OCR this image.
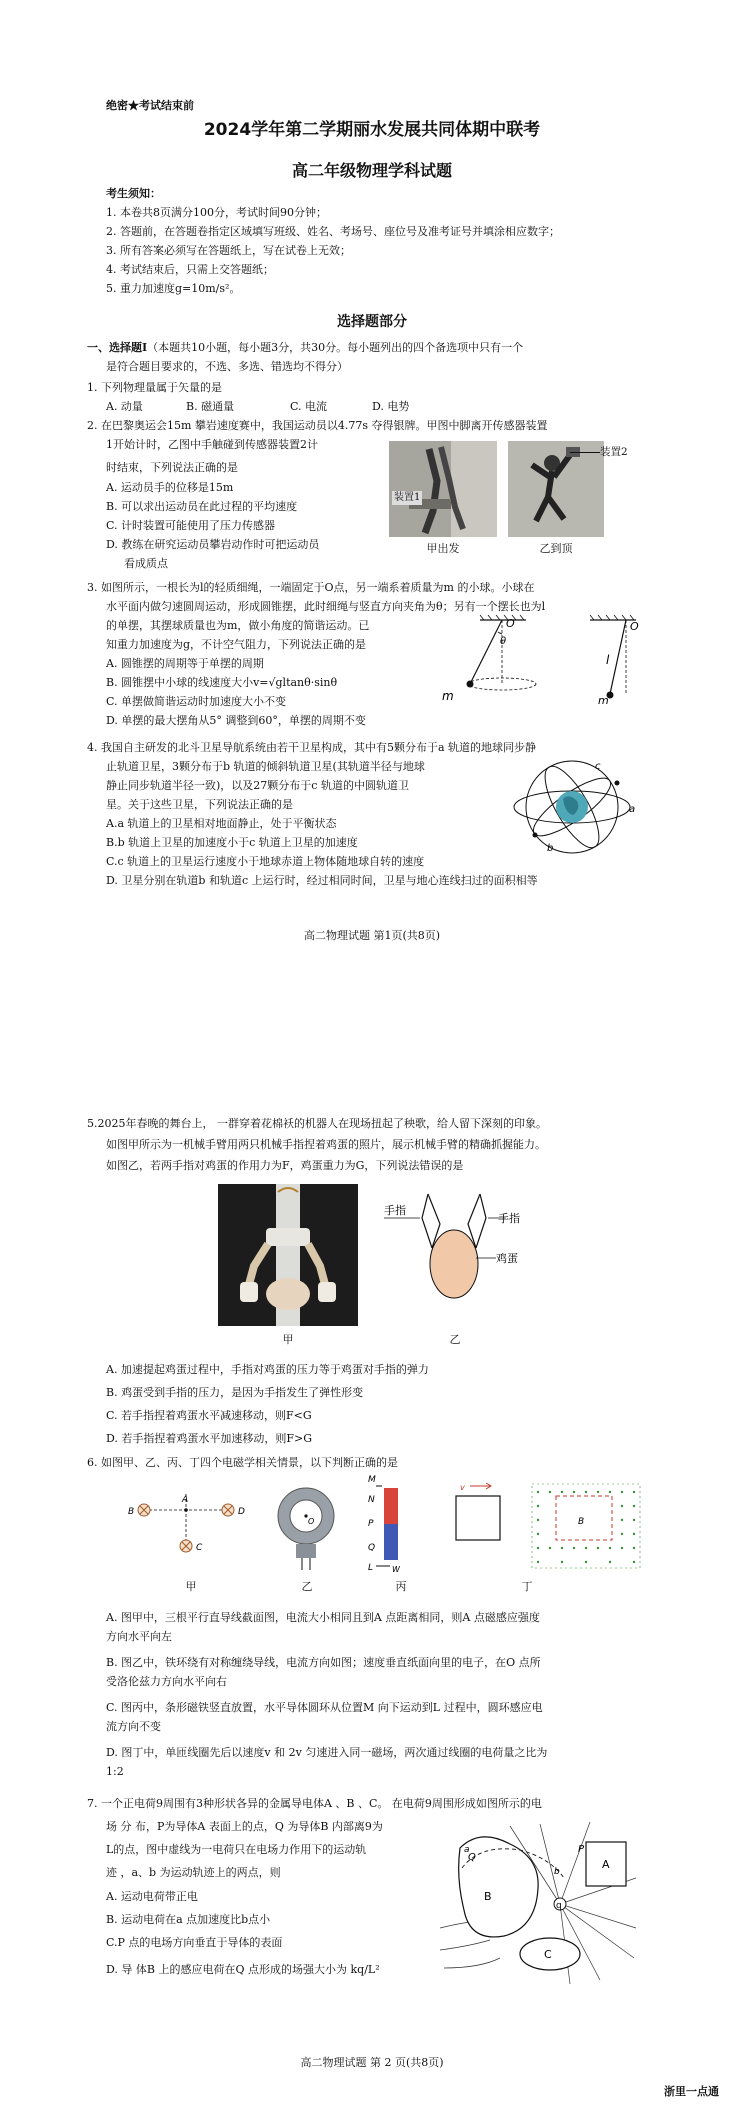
绝密★考试结束前
2024学年第二学期丽水发展共同体期中联考
高二年级物理学科试题
考生须知：
1. 本卷共8页满分100分，考试时间90分钟；
2. 答题前，在答题卷指定区域填写班级、姓名、考场号、座位号及准考证号并填涂相应数字；
3. 所有答案必须写在答题纸上，写在试卷上无效；
4. 考试结束后，只需上交答题纸；
5. 重力加速度g=10m/s²。
选择题部分
一、选择题Ⅰ（本题共10小题，每小题3分，共30分。每小题列出的四个备选项中只有一个
是符合题目要求的，不选、多选、错选均不得分）
1. 下列物理量属于矢量的是
A. 动量	B. 磁通量	C. 电流	D. 电势
2. 在巴黎奥运会15m 攀岩速度赛中，我国运动员以4.77s 夺得银牌。甲图中脚离开传感器装置
1开始计时，乙图中手触碰到传感器装置2计
时结束，下列说法正确的是
A. 运动员手的位移是15m
B. 可以求出运动员在此过程的平均速度
C. 计时装置可能使用了压力传感器
D. 教练在研究运动员攀岩动作时可把运动员
看成质点
装置1
甲出发
装置2
乙到顶
3. 如图所示，一根长为l的轻质细绳，一端固定于O点，另一端系着质量为m 的小球。小球在
水平面内做匀速圆周运动，形成圆锥摆，此时细绳与竖直方向夹角为θ；另有一个摆长也为l
的单摆，其摆球质量也为m，做小角度的简谐运动。已
知重力加速度为g，不计空气阻力，下列说法正确的是
A. 圆锥摆的周期等于单摆的周期
B. 圆锥摆中小球的线速度大小v=√gltanθ·sinθ
C. 单摆做简谐运动时加速度大小不变
D. 单摆的最大摆角从5° 调整到60°，单摆的周期不变
O
θ
m
O
l
m
4. 我国自主研发的北斗卫星导航系统由若干卫星构成，其中有5颗分布于a 轨道的地球同步静
止轨道卫星，3颗分布于b 轨道的倾斜轨道卫星(其轨道半径与地球
静止同步轨道半径一致)，以及27颗分布于c 轨道的中圆轨道卫
星。关于这些卫星，下列说法正确的是
A.a 轨道上的卫星相对地面静止，处于平衡状态
B.b 轨道上卫星的加速度小于c 轨道上卫星的加速度
C.c 轨道上的卫星运行速度小于地球赤道上物体随地球自转的速度
D. 卫星分别在轨道b 和轨道c 上运行时，经过相同时间，卫星与地心连线扫过的面积相等
a
b
c
高二物理试题 第1页(共8页)
5.2025年春晚的舞台上， 一群穿着花棉袄的机器人在现场扭起了秧歌，给人留下深刻的印象。
如图甲所示为一机械手臂用两只机械手指捏着鸡蛋的照片，展示机械手臂的精确抓握能力。
如图乙，若两手指对鸡蛋的作用力为F，鸡蛋重力为G，下列说法错误的是
甲
手指
手指
鸡蛋
乙
A. 加速提起鸡蛋过程中，手指对鸡蛋的压力等于鸡蛋对手指的弹力
B. 鸡蛋受到手指的压力，是因为手指发生了弹性形变
C. 若手指捏着鸡蛋水平减速移动，则F<G
D. 若手指捏着鸡蛋水平加速移动，则F>G
6. 如图甲、乙、丙、丁四个电磁学相关情景，以下判断正确的是
A
B	D
C
O
M
N
P
Q
L W
v
B
甲	乙	丙	丁
A. 图甲中，三根平行直导线截面图，电流大小相同且到A 点距离相同，则A 点磁感应强度
方向水平向左
B. 图乙中，铁环绕有对称缠绕导线，电流方向如图；速度垂直纸面向里的电子，在O 点所
受洛伦兹力方向水平向右
C. 图丙中，条形磁铁竖直放置，水平导体圆环从位置M 向下运动到L 过程中，圆环感应电
流方向不变
D. 图丁中，单匝线圈先后以速度v 和 2v 匀速进入同一磁场，两次通过线圈的电荷量之比为
1:2
7. 一个正电荷9周围有3种形状各异的金属导电体A 、B 、C。 在电荷9周围形成如图所示的电
场 分 布，P为导体A 表面上的点，Q 为导体B 内部离9为
L的点，图中虚线为一电荷只在电场力作用下的运动轨
迹 ，a、b 为运动轨迹上的两点，则
A. 运动电荷带正电
B. 运动电荷在a 点加速度比b点小
C.P 点的电场方向垂直于导体的表面
D. 导 体B 上的感应电荷在Q 点形成的场强大小为 kq/L²
q
A
B
C
P
Q
a
b
高二物理试题 第 2 页(共8页)
浙里一点通
